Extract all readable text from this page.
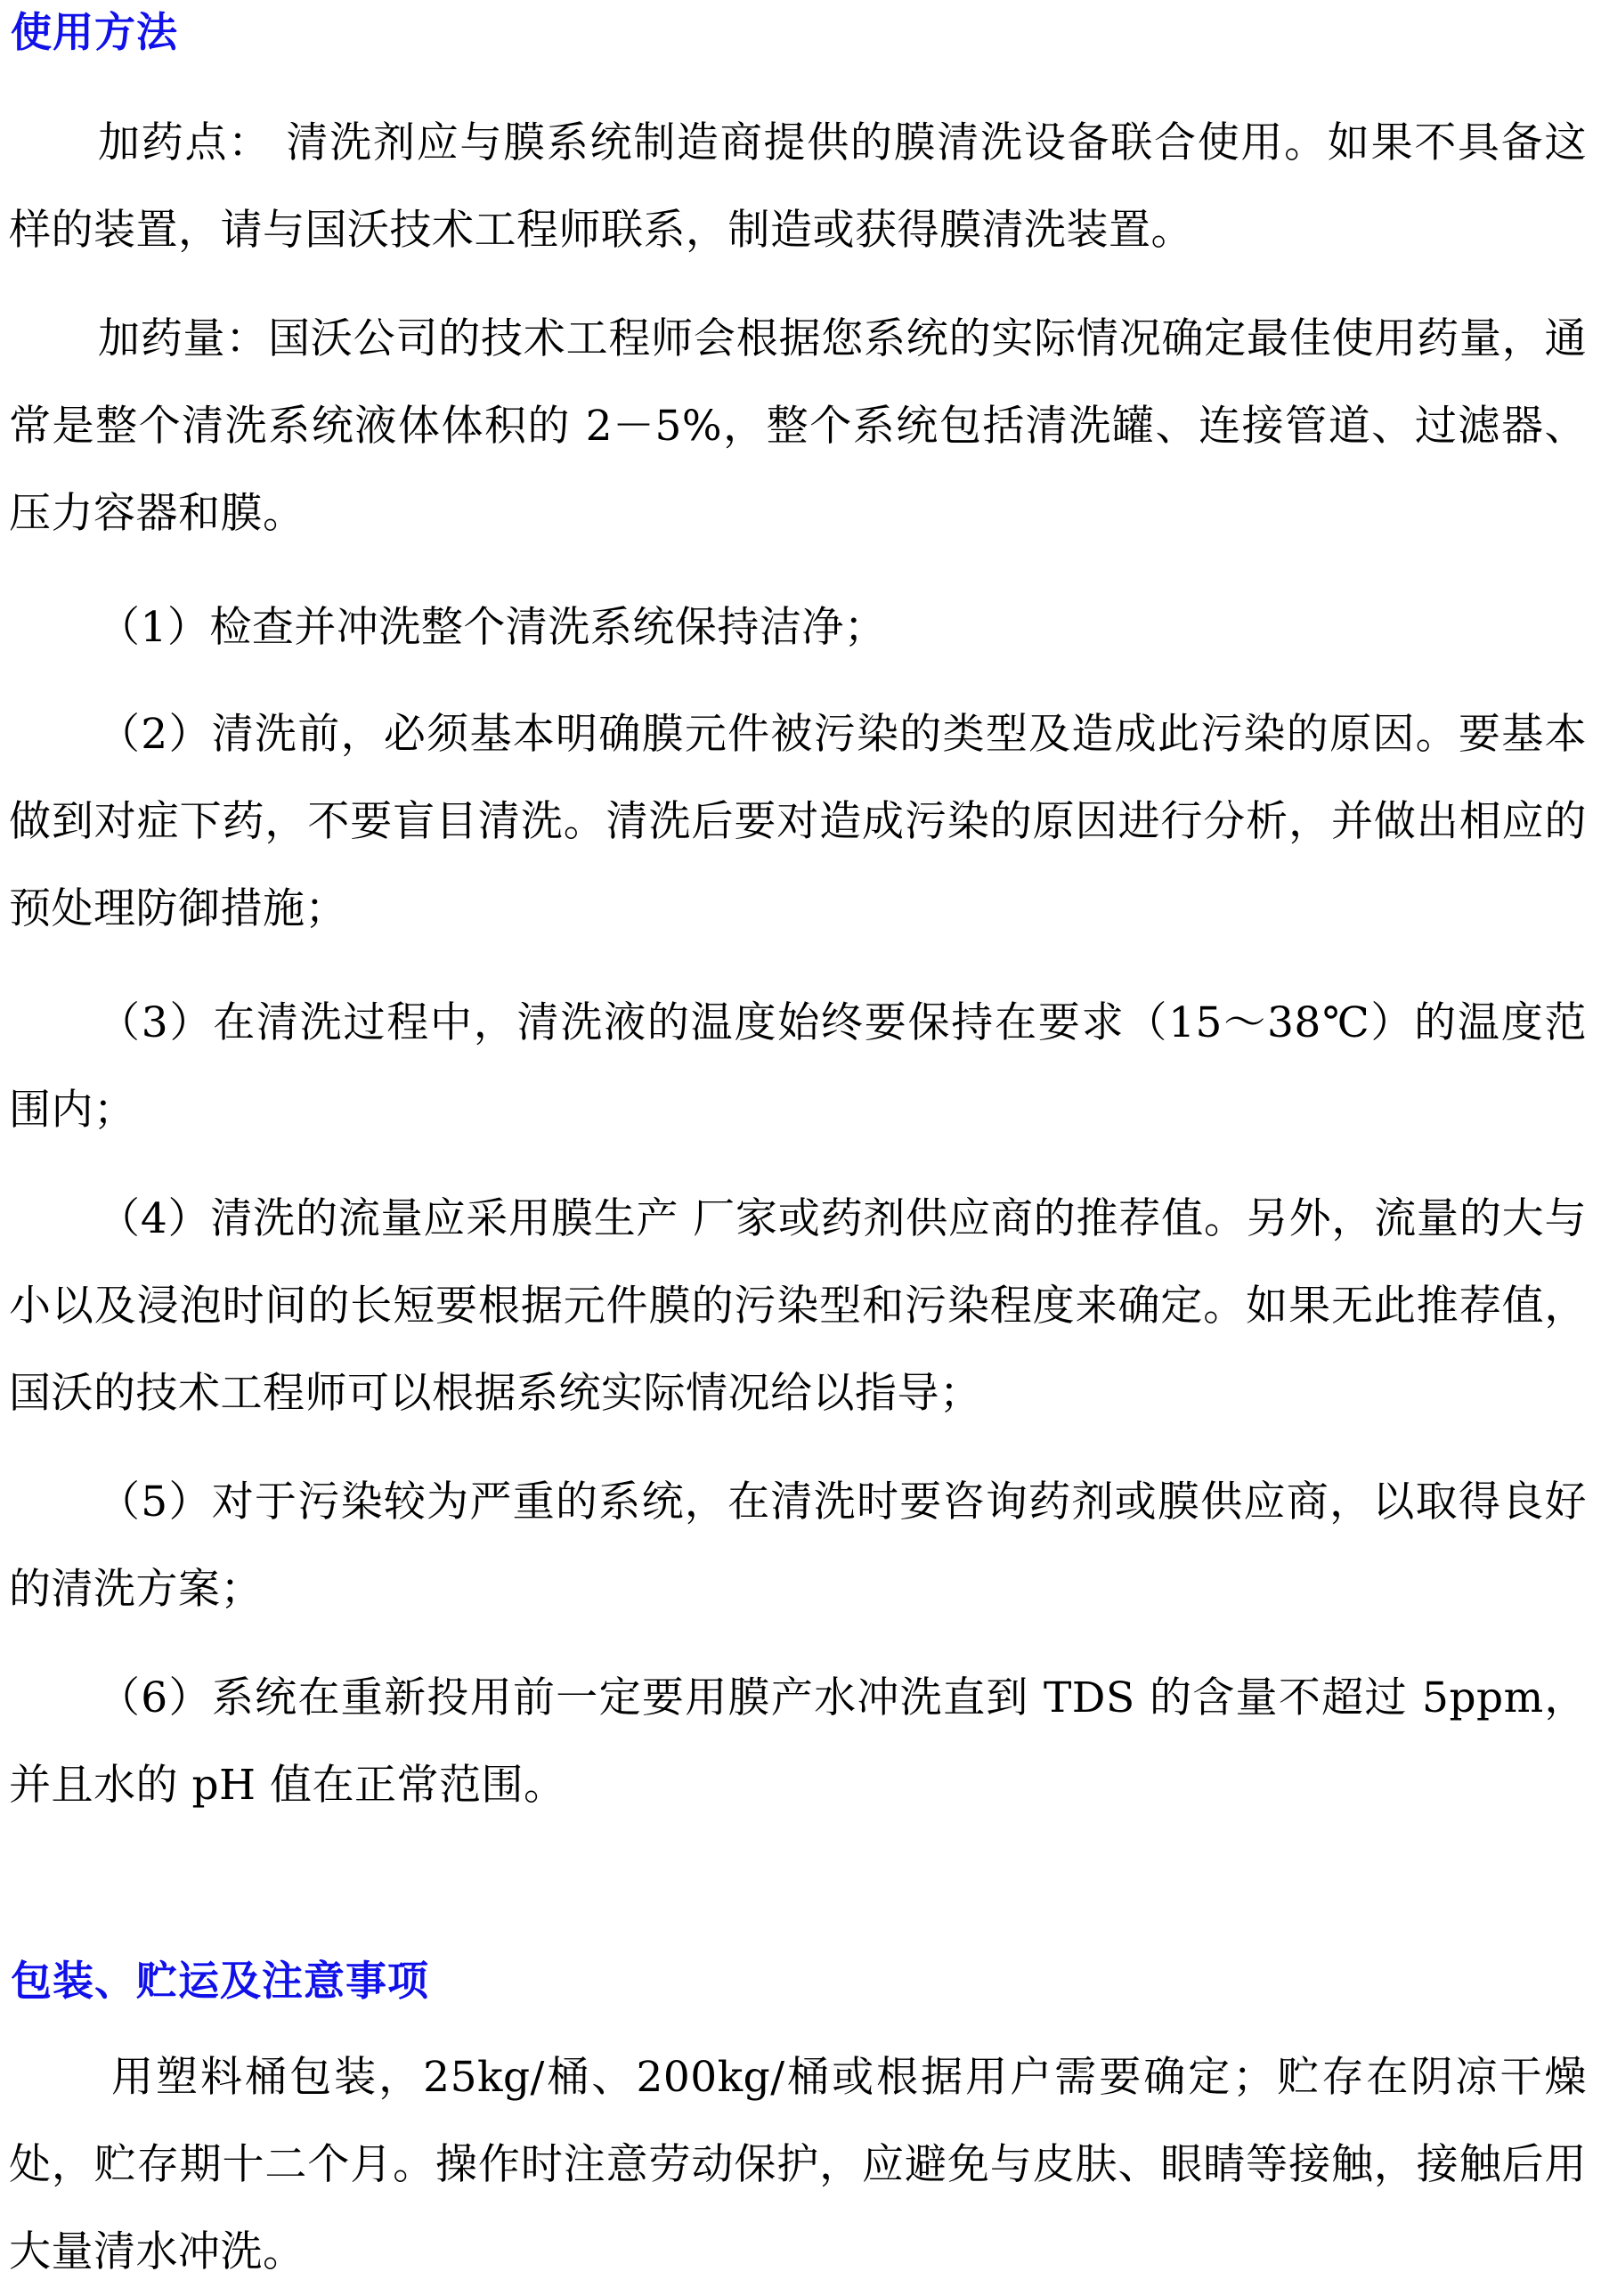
使用方法

加药点： 清洗剂应与膜系统制造商提供的膜清洗设备联合使用。如果不具备这样的装置，请与国沃技术工程师联系，制造或获得膜清洗装置。

加药量：国沃公司的技术工程师会根据您系统的实际情况确定最佳使用药量，通常是整个清洗系统液体体积的 2－5%，整个系统包括清洗罐、连接管道、过滤器、压力容器和膜。

（1）检查并冲洗整个清洗系统保持洁净；

（2）清洗前，必须基本明确膜元件被污染的类型及造成此污染的原因。要基本做到对症下药，不要盲目清洗。清洗后要对造成污染的原因进行分析，并做出相应的预处理防御措施；

（3）在清洗过程中，清洗液的温度始终要保持在要求（15～38℃）的温度范围内；

（4）清洗的流量应采用膜生产 厂家或药剂供应商的推荐值。另外，流量的大与小以及浸泡时间的长短要根据元件膜的污染型和污染程度来确定。如果无此推荐值，国沃的技术工程师可以根据系统实际情况给以指导；

（5）对于污染较为严重的系统，在清洗时要咨询药剂或膜供应商，以取得良好的清洗方案；

（6）系统在重新投用前一定要用膜产水冲洗直到 TDS 的含量不超过 5ppm，并且水的 pH 值在正常范围。

包装、贮运及注意事项

用塑料桶包装，25kg/桶、200kg/桶或根据用户需要确定；贮存在阴凉干燥处，贮存期十二个月。操作时注意劳动保护，应避免与皮肤、眼睛等接触，接触后用大量清水冲洗。
